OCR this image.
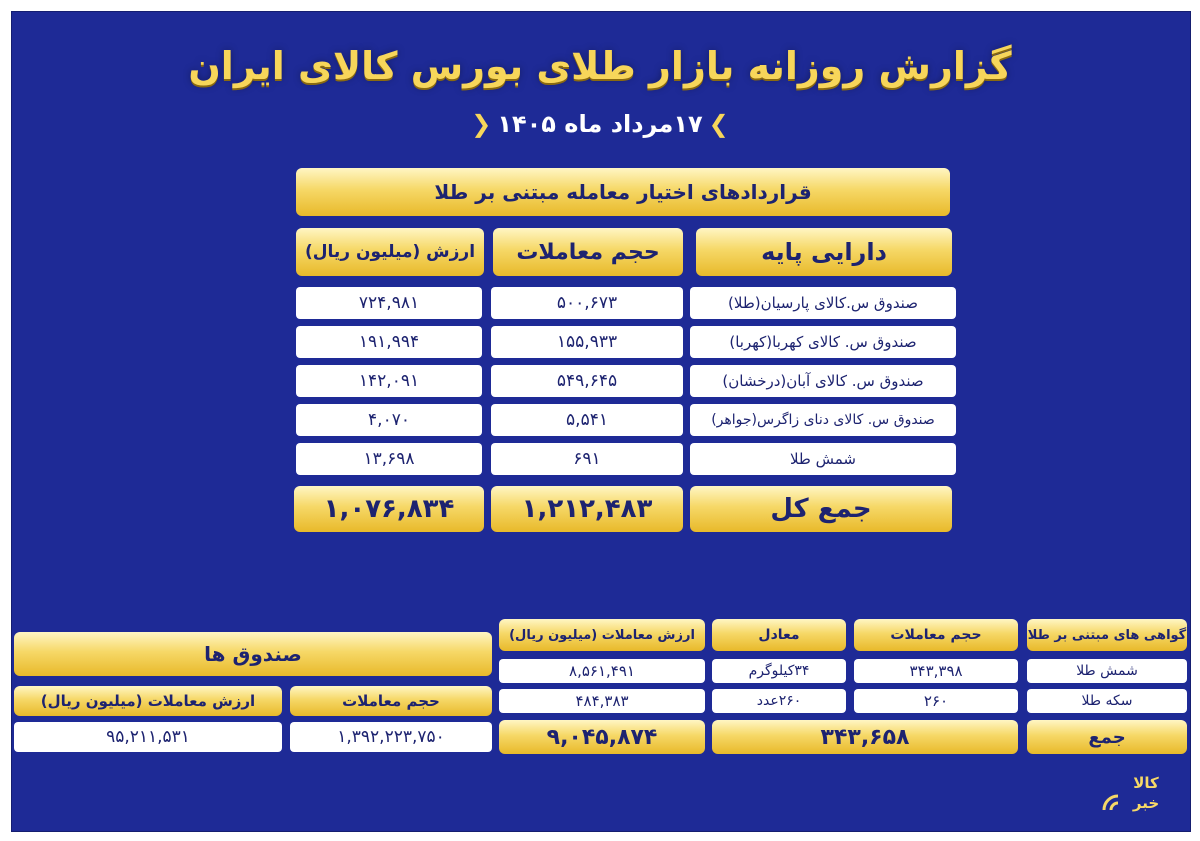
گزارش روزانه بازار طلای بورس کالای ایران
❯۱۷مرداد ماه ۱۴۰۵❮
قراردادهای اختیار معامله مبتنی بر طلا
دارایی پایه
حجم معاملات
ارزش (میلیون ریال)
صندوق س.کالای پارسیان(طلا)
۵۰۰,۶۷۳
۷۲۴,۹۸۱
صندوق س. کالای کهربا(کهربا)
۱۵۵,۹۳۳
۱۹۱,۹۹۴
صندوق س. کالای آبان(درخشان)
۵۴۹,۶۴۵
۱۴۲,۰۹۱
صندوق س. کالای دنای زاگرس(جواهر)
۵,۵۴۱
۴,۰۷۰
شمش طلا
۶۹۱
۱۳,۶۹۸
جمع کل
۱,۲۱۲,۴۸۳
۱,۰۷۶,۸۳۴
گواهی های مبتنی بر طلا
حجم معاملات
معادل
ارزش معاملات (میلیون ریال)
شمش طلا
۳۴۳,۳۹۸
۳۴کیلوگرم
۸,۵۶۱,۴۹۱
سکه طلا
۲۶۰
۲۶۰عدد
۴۸۴,۳۸۳
جمع
۳۴۳,۶۵۸
۹,۰۴۵,۸۷۴
صندوق ها
حجم معاملات
ارزش معاملات (میلیون ریال)
۱,۳۹۲,۲۲۳,۷۵۰
۹۵,۲۱۱,۵۳۱
کالا
خبر
